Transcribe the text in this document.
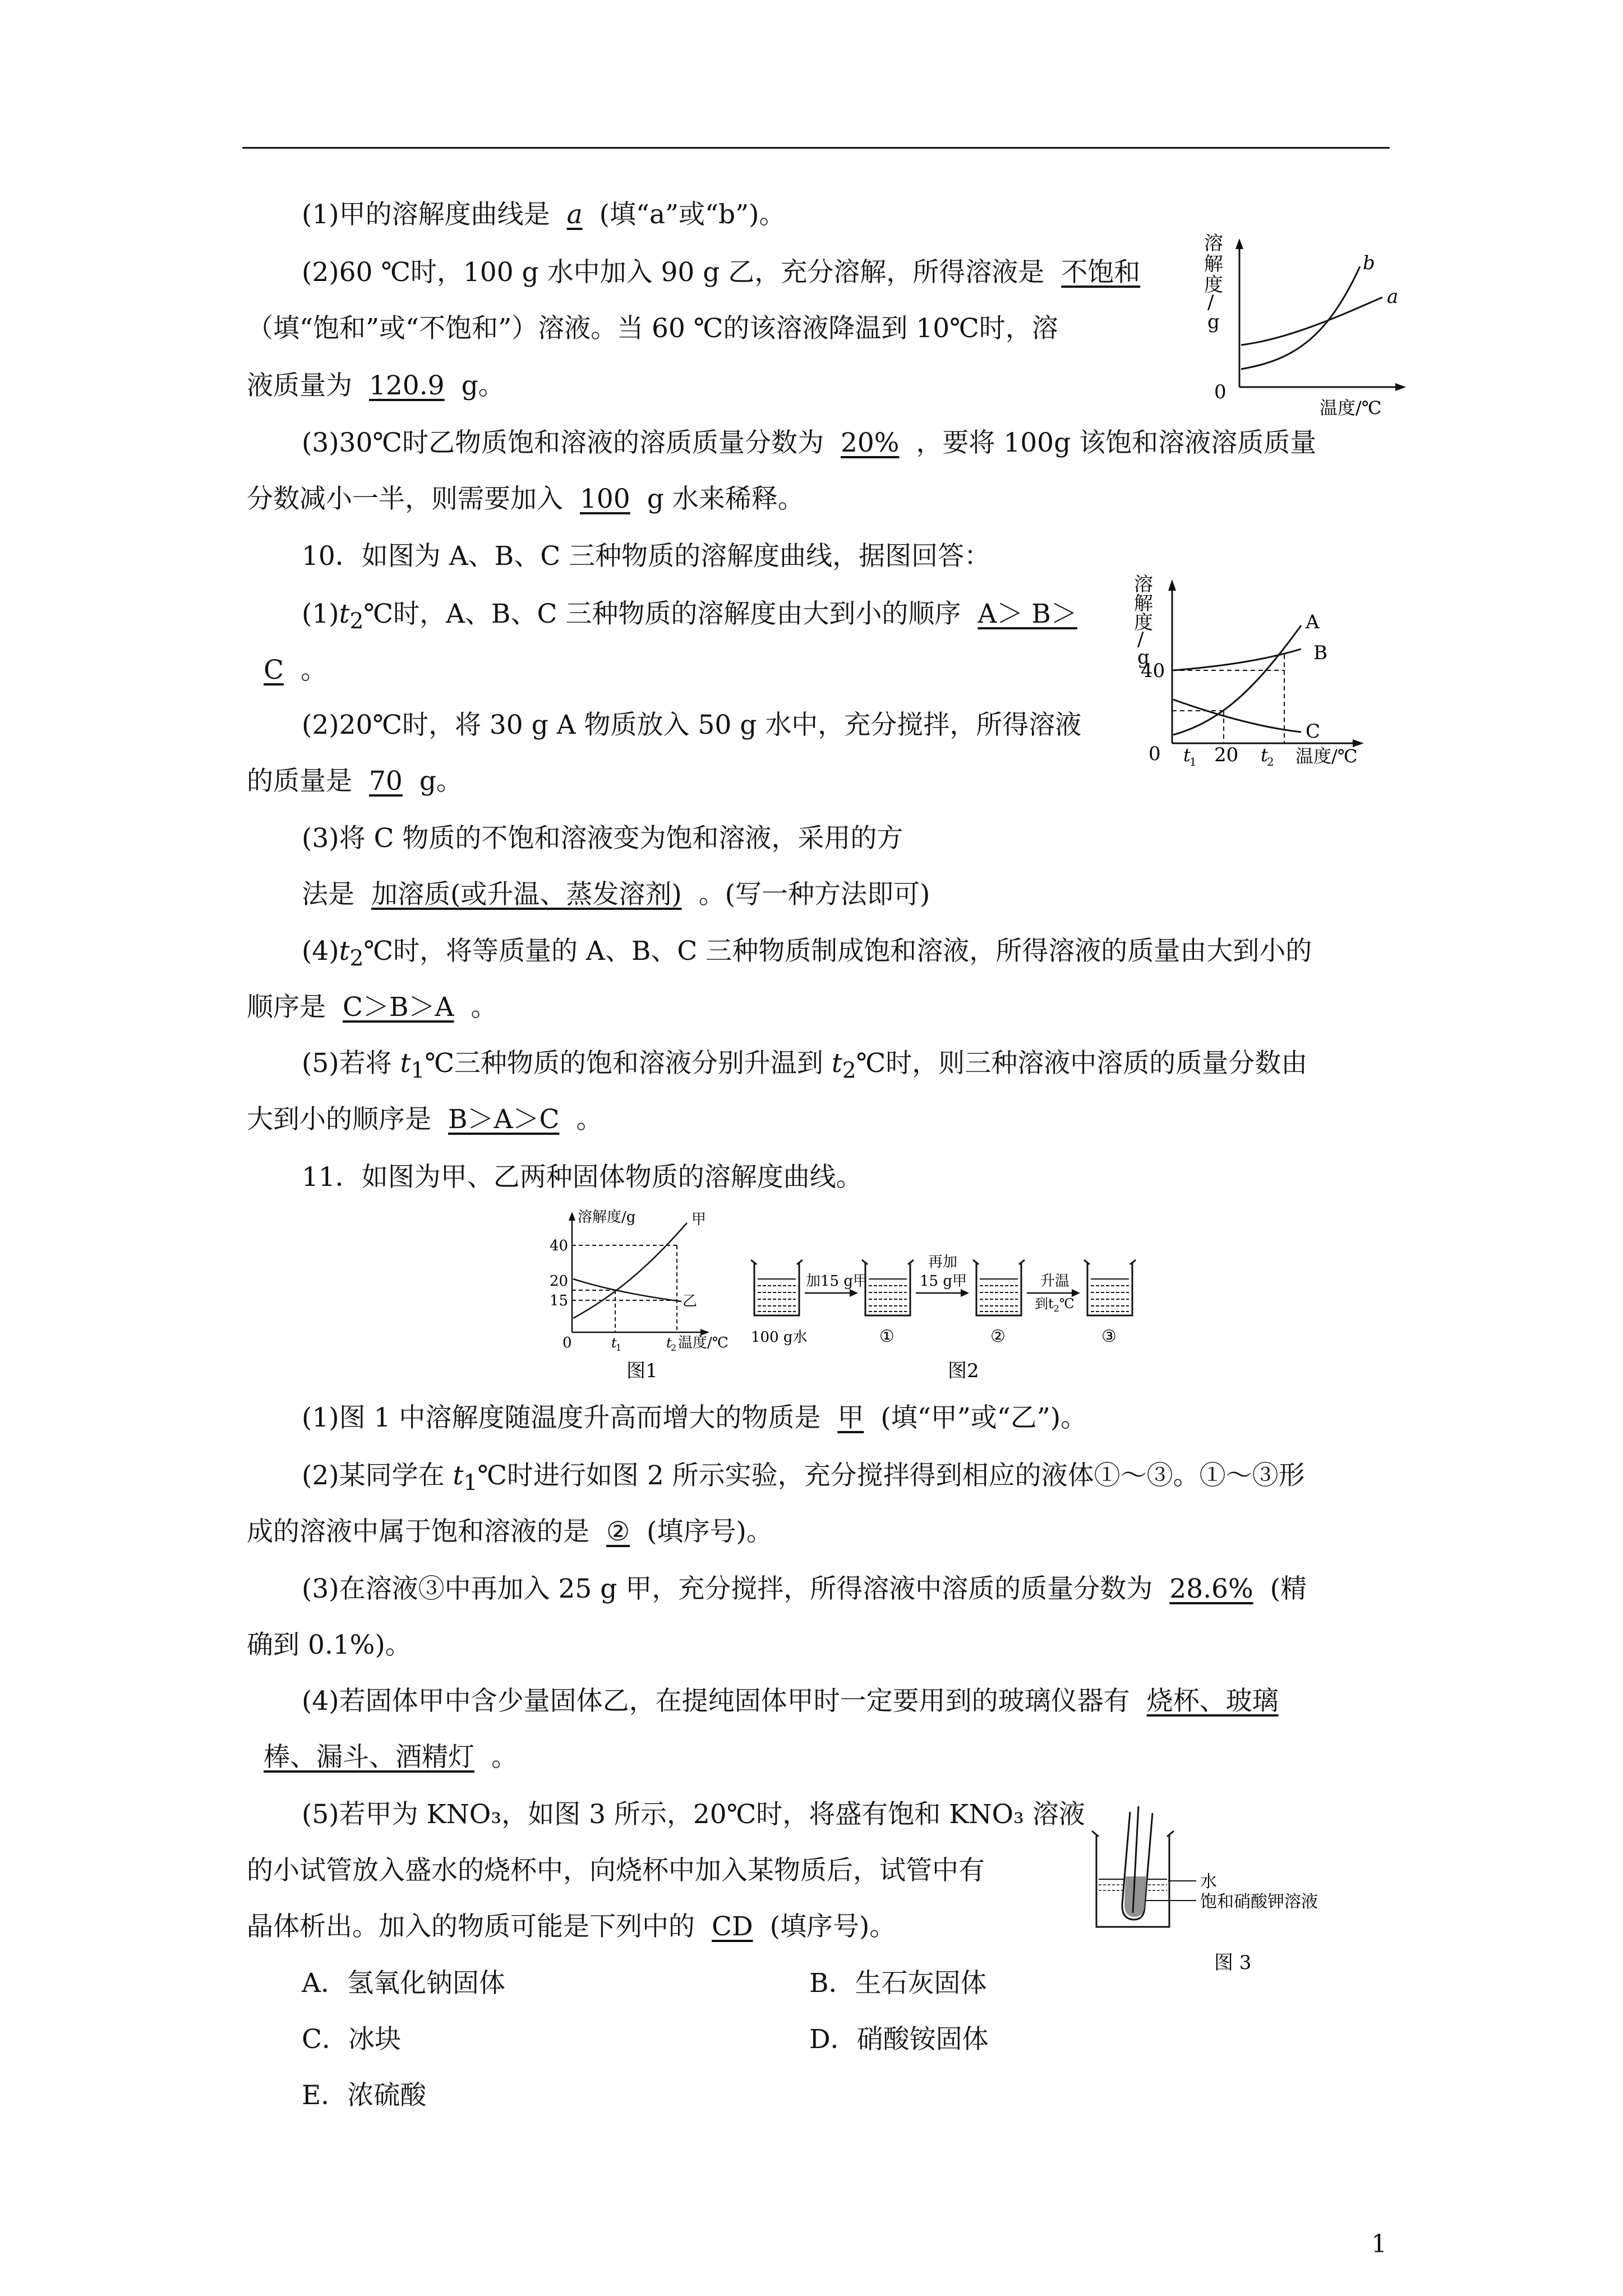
(1)甲的溶解度曲线是 a (填“a”或“b”)。
(2)60 ℃时，100 g 水中加入 90 g 乙，充分溶解，所得溶液是 不饱和
（填“饱和”或“不饱和”）溶液。当 60 ℃的该溶液降温到 10℃时，溶
液质量为 120.9 g。
(3)30℃时乙物质饱和溶液的溶质质量分数为 20% ，要将 100g 该饱和溶液溶质质量
分数减小一半，则需要加入 100 g 水来稀释。
溶
解
度
/
g
0
温度/℃
b
a
10．如图为 A、B、C 三种物质的溶解度曲线，据图回答：
$(1)t_2℃$时，A、B、C 三种物质的溶解度由大到小的顺序 A＞ B＞
C 。
(2)20℃时，将 30 g A 物质放入 50 g 水中，充分搅拌，所得溶液
的质量是 70 g。
(3)将 C 物质的不饱和溶液变为饱和溶液，采用的方
法是 加溶质(或升温、蒸发溶剂) 。(写一种方法即可)
$(4)t_2℃$时，将等质量的 A、B、C 三种物质制成饱和溶液，所得溶液的质量由大到小的
顺序是 C＞B＞A 。
(5)若将 $t_1℃$三种物质的饱和溶液分别升温到 $t_2℃$时，则三种溶液中溶质的质量分数由
大到小的顺序是 B＞A＞C 。
溶
解
度
/
g
40
0 t
1 20 t
2 温度/℃
A
B
C
11．如图为甲、乙两种固体物质的溶解度曲线。
溶解度/g	甲
乙
40
20
15
0	t
1	t
2 温度/℃
图1
加15 g甲
再加
15 g甲	升温
到$t_2℃$
100 g水	①	②	③
图2
(1)图 1 中溶解度随温度升高而增大的物质是 甲 (填“甲”或“乙”)。
(2)某同学在 $t_1℃$时进行如图 2 所示实验，充分搅拌得到相应的液体①～③。①～③形
成的溶液中属于饱和溶液的是 ② (填序号)。
(3)在溶液③中再加入 25 g 甲，充分搅拌，所得溶液中溶质的质量分数为 28.6% (精
确到 0.1%)。
(4)若固体甲中含少量固体乙，在提纯固体甲时一定要用到的玻璃仪器有 烧杯、玻璃
棒、漏斗、酒精灯 。
(5)若甲为 KNO₃，如图 3 所示，20℃时，将盛有饱和 KNO₃ 溶液
的小试管放入盛水的烧杯中，向烧杯中加入某物质后，试管中有
晶体析出。加入的物质可能是下列中的 CD (填序号)。
水
饱和硝酸钾溶液
图 3
A．氢氧化钠固体	B．生石灰固体
C．冰块	D．硝酸铵固体
E．浓硫酸
1
